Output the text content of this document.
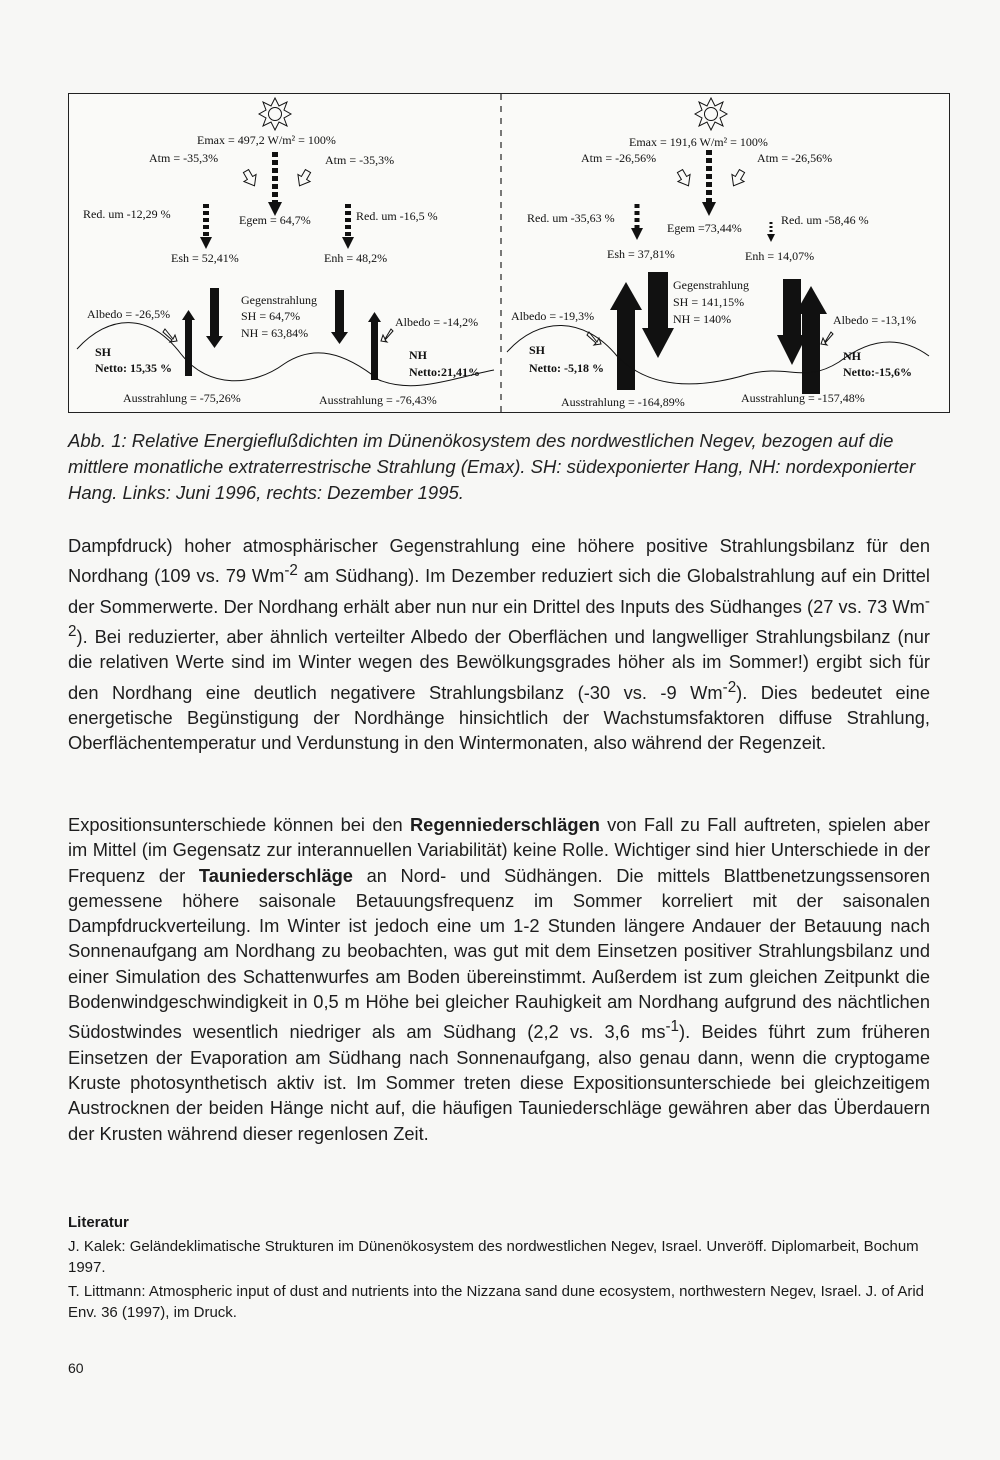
Emax = 497,2 W/m² = 100%
Atm = -35,3%	Atm = -35,3%
Red. um -12,29 %	Egem = 64,7%	Red. um -16,5 %
Esh = 52,41%	Enh = 48,2%
Gegenstrahlung
SH = 64,7%
NH = 63,84%
Albedo = -26,5%
Albedo = -14,2%
SH	NH
Netto: 15,35 %	Netto:21,41%
Ausstrahlung = -75,26%	Ausstrahlung = -76,43%
Emax = 191,6 W/m² = 100%
Atm = -26,56%	Atm = -26,56%
Red. um -35,63 %
Egem =73,44%
Red. um -58,46 %
Esh = 37,81%	Enh = 14,07%
Gegenstrahlung
SH = 141,15%
NH = 140%
Albedo = -19,3%	Albedo = -13,1%
SH	NH
Netto: -5,18 %	Netto:-15,6%
Ausstrahlung = -164,89%	Ausstrahlung = -157,48%

Abb. 1: Relative Energieflußdichten im Dünenökosystem des nordwestlichen Negev, bezogen auf die mittlere monatliche extraterrestrische Strahlung (Emax). SH: südexponierter Hang, NH: nordexponierter Hang. Links: Juni 1996, rechts: Dezember 1995.

Dampfdruck) hoher atmosphärischer Gegenstrahlung eine höhere positive Strahlungsbilanz für den Nordhang (109 vs. 79 $Wm^{-2}$ am Südhang). Im Dezember reduziert sich die Globalstrahlung auf ein Drittel der Sommerwerte. Der Nordhang erhält aber nun nur ein Drittel des Inputs des Südhanges (27 vs. 73 $Wm^{-2}$). Bei reduzierter, aber ähnlich verteilter Albedo der Oberflächen und langwelliger Strahlungsbilanz (nur die relativen Werte sind im Winter wegen des Bewölkungsgrades höher als im Sommer!) ergibt sich für den Nordhang eine deutlich negativere Strahlungsbilanz (-30 vs. -9 $Wm^{-2}$). Dies bedeutet eine energetische Begünstigung der Nordhänge hinsichtlich der Wachstumsfaktoren diffuse Strahlung, Oberflächentemperatur und Verdunstung in den Wintermonaten, also während der Regenzeit.

Expositionsunterschiede können bei den Regenniederschlägen von Fall zu Fall auftreten, spielen aber im Mittel (im Gegensatz zur interannuellen Variabilität) keine Rolle. Wichtiger sind hier Unterschiede in der Frequenz der Tauniederschläge an Nord- und Südhängen. Die mittels Blattbenetzungssensoren gemessene höhere saisonale Betauungsfrequenz im Sommer korreliert mit der saisonalen Dampfdruckverteilung. Im Winter ist jedoch eine um 1-2 Stunden längere Andauer der Betauung nach Sonnenaufgang am Nordhang zu beobachten, was gut mit dem Einsetzen positiver Strahlungsbilanz und einer Simulation des Schattenwurfes am Boden übereinstimmt. Außerdem ist zum gleichen Zeitpunkt die Bodenwindgeschwindigkeit in 0,5 m Höhe bei gleicher Rauhigkeit am Nordhang aufgrund des nächtlichen Südostwindes wesentlich niedriger als am Südhang (2,2 vs. 3,6 $ms^{-1}$). Beides führt zum früheren Einsetzen der Evaporation am Südhang nach Sonnenaufgang, also genau dann, wenn die cryptogame Kruste photosynthetisch aktiv ist. Im Sommer treten diese Expositionsunterschiede bei gleichzeitigem Austrocknen der beiden Hänge nicht auf, die häufigen Tauniederschläge gewähren aber das Überdauern der Krusten während dieser regenlosen Zeit.

Literatur

J. Kalek: Geländeklimatische Strukturen im Dünenökosystem des nordwestlichen Negev, Israel. Unveröff. Diplomarbeit, Bochum 1997.

T. Littmann: Atmospheric input of dust and nutrients into the Nizzana sand dune ecosystem, northwestern Negev, Israel. J. of Arid Env. 36 (1997), im Druck.

60
